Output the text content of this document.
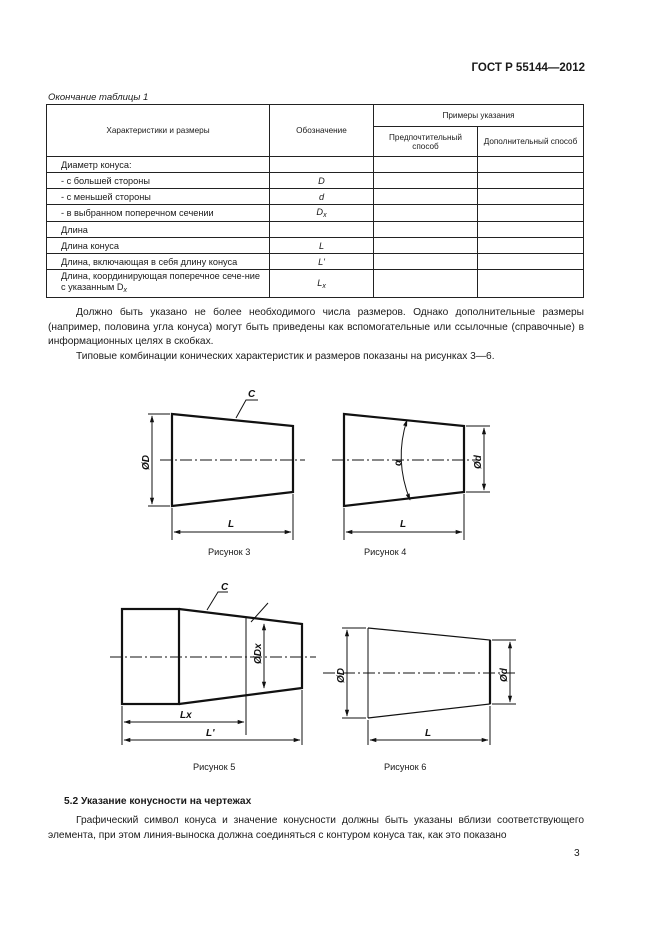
ГОСТ Р 55144—2012
Окончание таблицы 1
Характеристики и размеры	Обозначение	Примеры указания	
		Предпочтительный способ	Дополнительный способ
Диаметр конуса:			
- с большей стороны	D		
- с меньшей стороны	d		
- в выбранном поперечном сечении	$D_x$		
Длина			
Длина конуса	L		
Длина, включающая в себя длину конуса	L'		
Длина, координирующая поперечное сече-ние с указанным $D_x$	$L_x$		

Должно быть указано не более необходимого числа размеров. Однако дополнительные размеры (например, половина угла конуса) могут быть приведены как вспомогательные или ссылочные (справочные) в информационных целях в скобках.

Типовые комбинации конических характеристик и размеров показаны на рисунках 3—6.

C
ØD
L
α	Ød
L
C
ØDx
Lx
L'
ØD	Ød
L
Рисунок 3	Рисунок 4
Рисунок 5	Рисунок 6
5.2 Указание конусности на чертежах

Графический символ конуса и значение конусности должны быть указаны вблизи соответствующего элемента, при этом линия-выноска должна соединяться с контуром конуса так, как это показано

3
